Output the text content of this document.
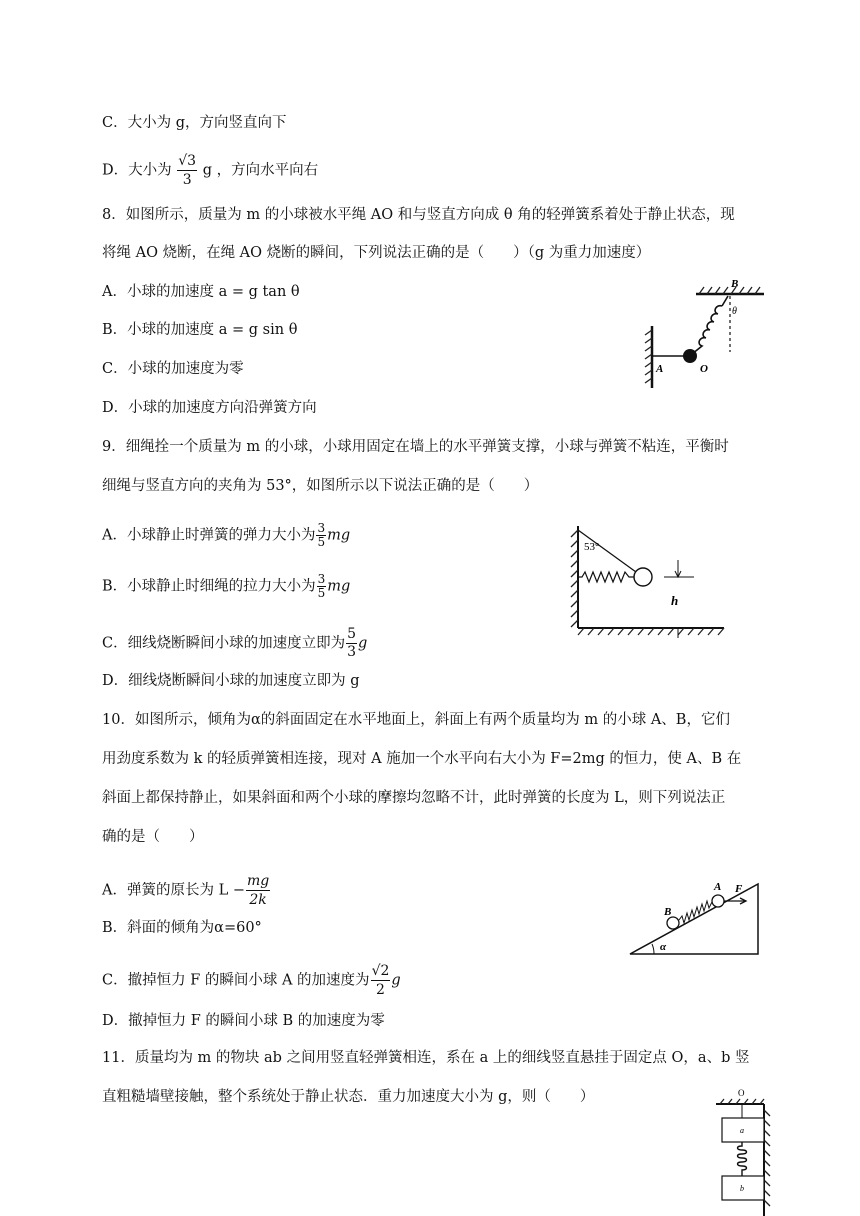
C．大小为 g，方向竖直向下
D．大小为 $\frac{√3}{3}$ g ，方向水平向右
8．如图所示，质量为 m 的小球被水平绳 AO 和与竖直方向成 θ 角的轻弹簧系着处于静止状态，现
将绳 AO 烧断，在绳 AO 烧断的瞬间，下列说法正确的是（　　）（g 为重力加速度）
A．小球的加速度 a = g tan θ
B．小球的加速度 a = g sin θ
C．小球的加速度为零
D．小球的加速度方向沿弹簧方向
B
A
θ
O
9．细绳拴一个质量为 m 的小球，小球用固定在墙上的水平弹簧支撑，小球与弹簧不粘连，平衡时
细绳与竖直方向的夹角为 53°，如图所示以下说法正确的是（　　）
A．小球静止时弹簧的弹力大小为 $\frac{3}{5}$ mg
B．小球静止时细绳的拉力大小为 $\frac{3}{5}$ mg
C．细线烧断瞬间小球的加速度立即为 $\frac{5}{3}$ g
D．细线烧断瞬间小球的加速度立即为 g
53°
h
10．如图所示，倾角为α的斜面固定在水平地面上，斜面上有两个质量均为 m 的小球 A、B，它们
用劲度系数为 k 的轻质弹簧相连接，现对 A 施加一个水平向右大小为 F=2mg 的恒力，使 A、B 在
斜面上都保持静止，如果斜面和两个小球的摩擦均忽略不计，此时弹簧的长度为 L，则下列说法正
确的是（　　）
A．弹簧的原长为 $L - \frac{mg}{2k}$
B．斜面的倾角为α=60°
C．撤掉恒力 F 的瞬间小球 A 的加速度为 $\frac{√2}{2}$ g
D．撤掉恒力 F 的瞬间小球 B 的加速度为零
α
B
A F
11．质量均为 m 的物块 ab 之间用竖直轻弹簧相连，系在 a 上的细线竖直悬挂于固定点 O，a、b 竖
直粗糙墙壁接触，整个系统处于静止状态．重力加速度大小为 g，则（　　）	O
a
b
